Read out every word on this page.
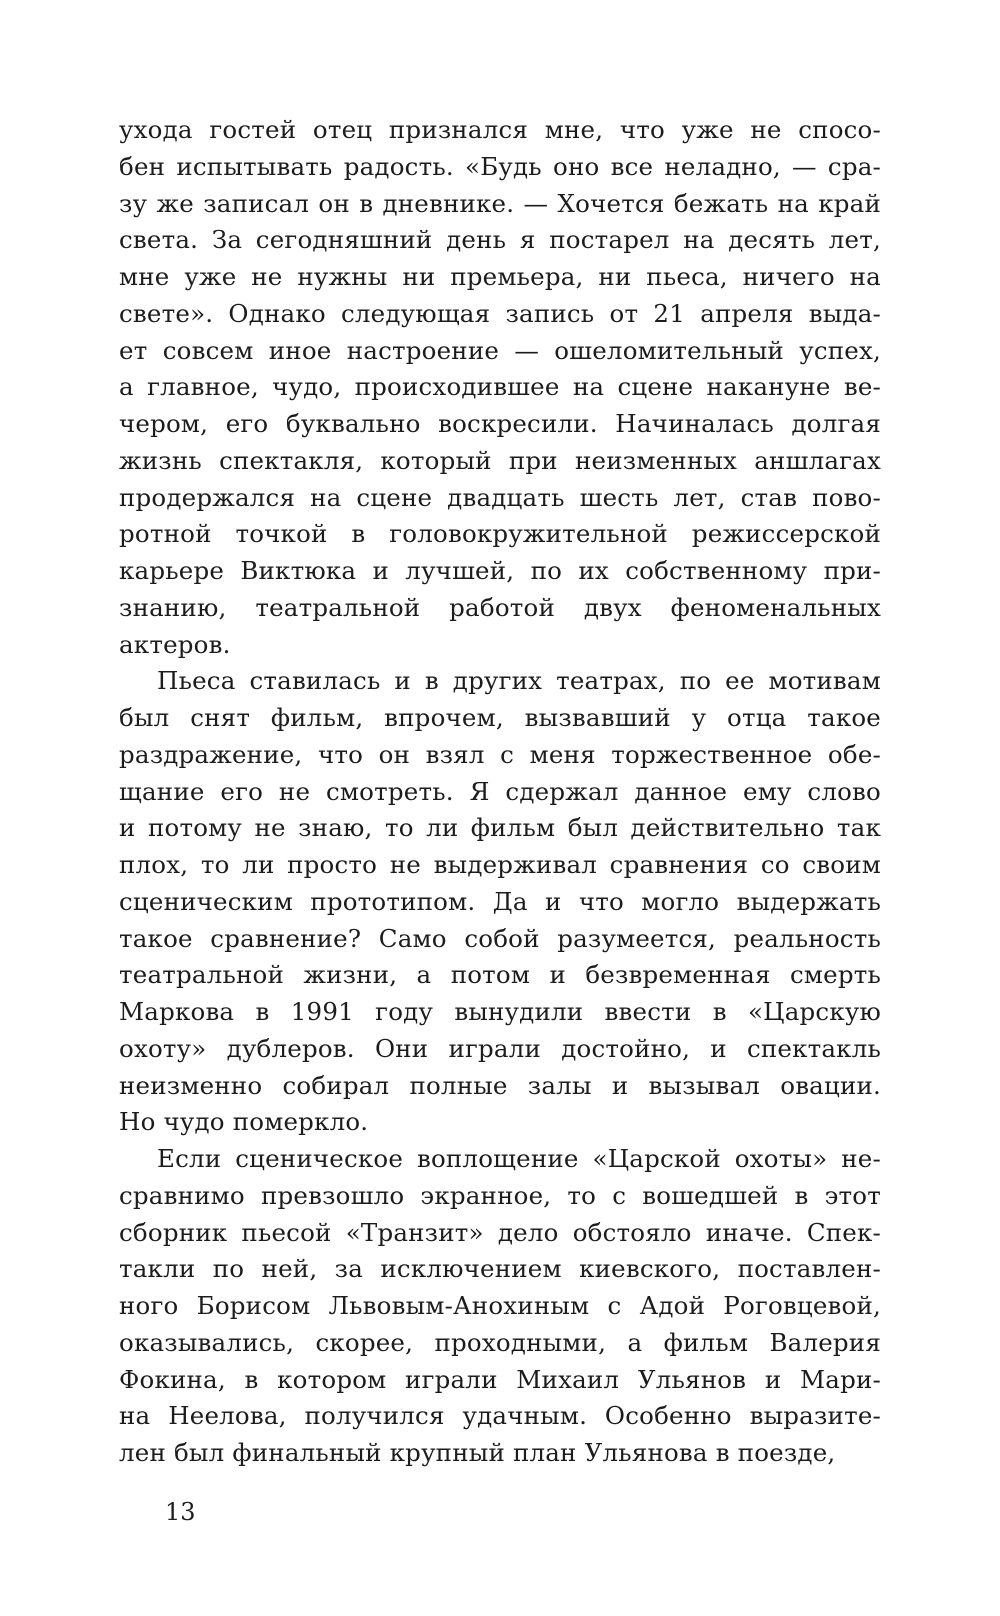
ухода гостей отец признался мне, что уже не спосо-
бен испытывать радость. «Будь оно все неладно, — сра-
зу же записал он в дневнике. — Хочется бежать на край
света. За сегодняшний день я постарел на десять лет,
мне уже не нужны ни премьера, ни пьеса, ничего на
свете». Однако следующая запись от 21 апреля выда-
ет совсем иное настроение — ошеломительный успех,
а главное, чудо, происходившее на сцене накануне ве-
чером, его буквально воскресили. Начиналась долгая
жизнь спектакля, который при неизменных аншлагах
продержался на сцене двадцать шесть лет, став пово-
ротной точкой в головокружительной режиссерской
карьере Виктюка и лучшей, по их собственному при-
знанию, театральной работой двух феноменальных
актеров.
Пьеса ставилась и в других театрах, по ее мотивам
был снят фильм, впрочем, вызвавший у отца такое
раздражение, что он взял с меня торжественное обе-
щание его не смотреть. Я сдержал данное ему слово
и потому не знаю, то ли фильм был действительно так
плох, то ли просто не выдерживал сравнения со своим
сценическим прототипом. Да и что могло выдержать
такое сравнение? Само собой разумеется, реальность
театральной жизни, а потом и безвременная смерть
Маркова в 1991 году вынудили ввести в «Царскую
охоту» дублеров. Они играли достойно, и спектакль
неизменно собирал полные залы и вызывал овации.
Но чудо померкло.
Если сценическое воплощение «Царской охоты» не-
сравнимо превзошло экранное, то с вошедшей в этот
сборник пьесой «Транзит» дело обстояло иначе. Спек-
такли по ней, за исключением киевского, поставлен-
ного Борисом Львовым-Анохиным с Адой Роговцевой,
оказывались, скорее, проходными, а фильм Валерия
Фокина, в котором играли Михаил Ульянов и Мари-
на Неелова, получился удачным. Особенно выразите-
лен был финальный крупный план Ульянова в поезде,
13
